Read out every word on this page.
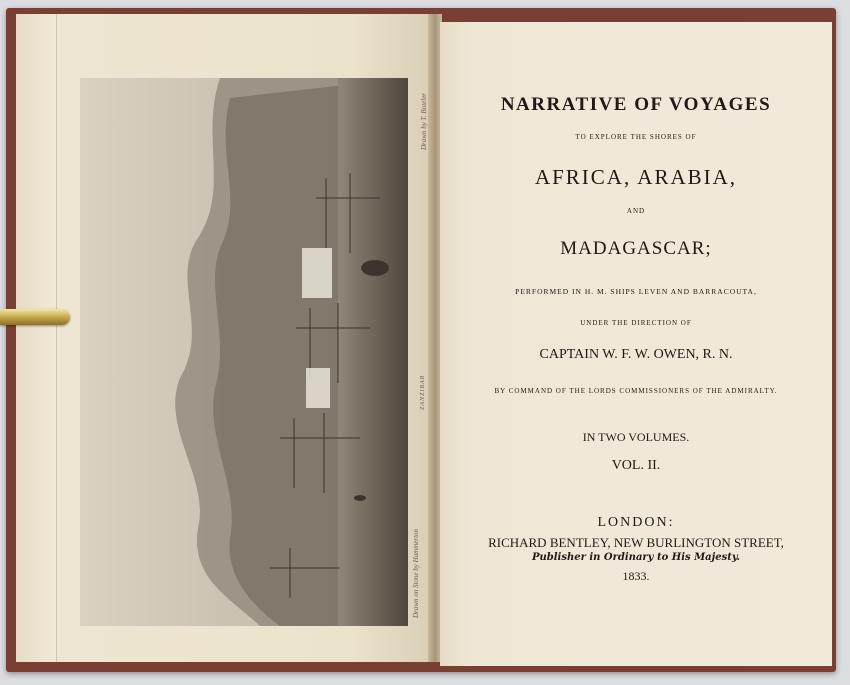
Drawn on Stone by Hammerton
Drawn by T. Boteler
ZANZIBAR
NARRATIVE OF VOYAGES
TO EXPLORE THE SHORES OF
AFRICA, ARABIA,
AND
MADAGASCAR;
PERFORMED IN H. M. SHIPS LEVEN AND BARRACOUTA,
UNDER THE DIRECTION OF
CAPTAIN W. F. W. OWEN, R. N.
BY COMMAND OF THE LORDS COMMISSIONERS OF THE ADMIRALTY.
IN TWO VOLUMES.
VOL. II.
LONDON:
RICHARD BENTLEY, NEW BURLINGTON STREET,
Publisher in Ordinary to His Majesty.
1833.
